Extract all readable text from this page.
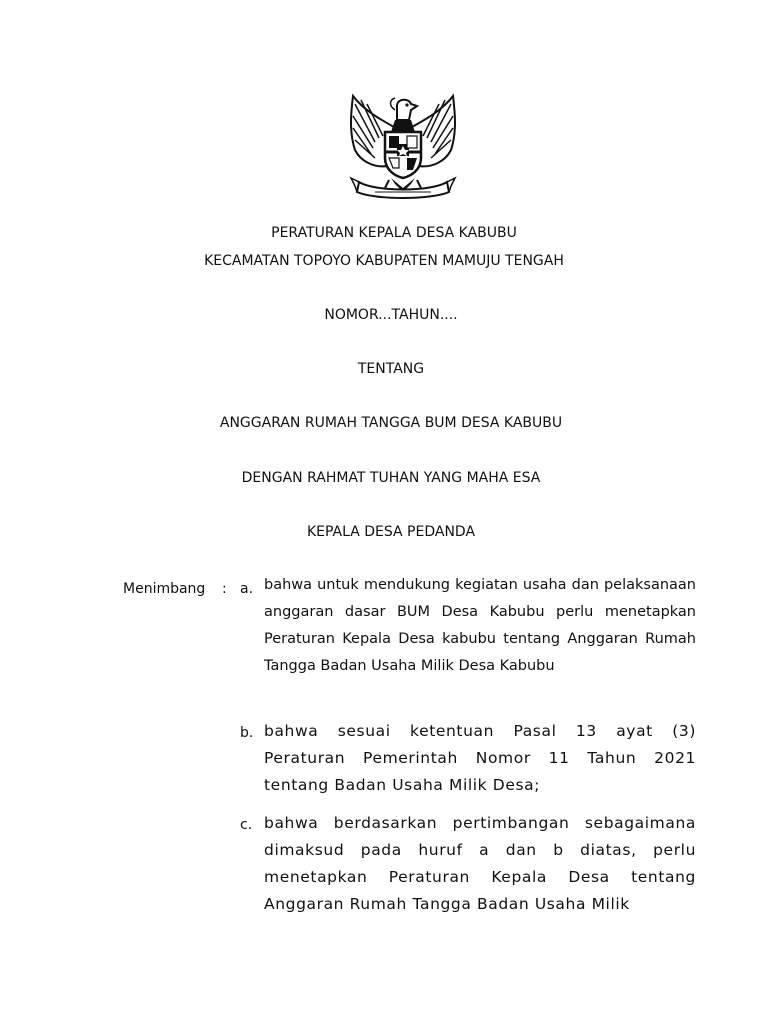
PERATURAN KEPALA DESA KABUBU
KECAMATAN TOPOYO KABUPATEN MAMUJU TENGAH
NOMOR...TAHUN....
TENTANG
ANGGARAN RUMAH TANGGA BUM DESA KABUBU
DENGAN RAHMAT TUHAN YANG MAHA ESA
KEPALA DESA PEDANDA
Menimbang	: a. bahwa untuk mendukung kegiatan usaha dan pelaksanaan anggaran dasar BUM Desa Kabubu perlu menetapkan Peraturan Kepala Desa kabubu tentang Anggaran Rumah Tangga Badan Usaha Milik Desa Kabubu
b. bahwa sesuai ketentuan Pasal 13 ayat (3) Peraturan Pemerintah Nomor 11 Tahun 2021 tentang Badan Usaha Milik Desa;
c. bahwa berdasarkan pertimbangan sebagaimana dimaksud pada huruf a dan b diatas, perlu menetapkan Peraturan Kepala Desa tentang Anggaran Rumah Tangga Badan Usaha Milik
